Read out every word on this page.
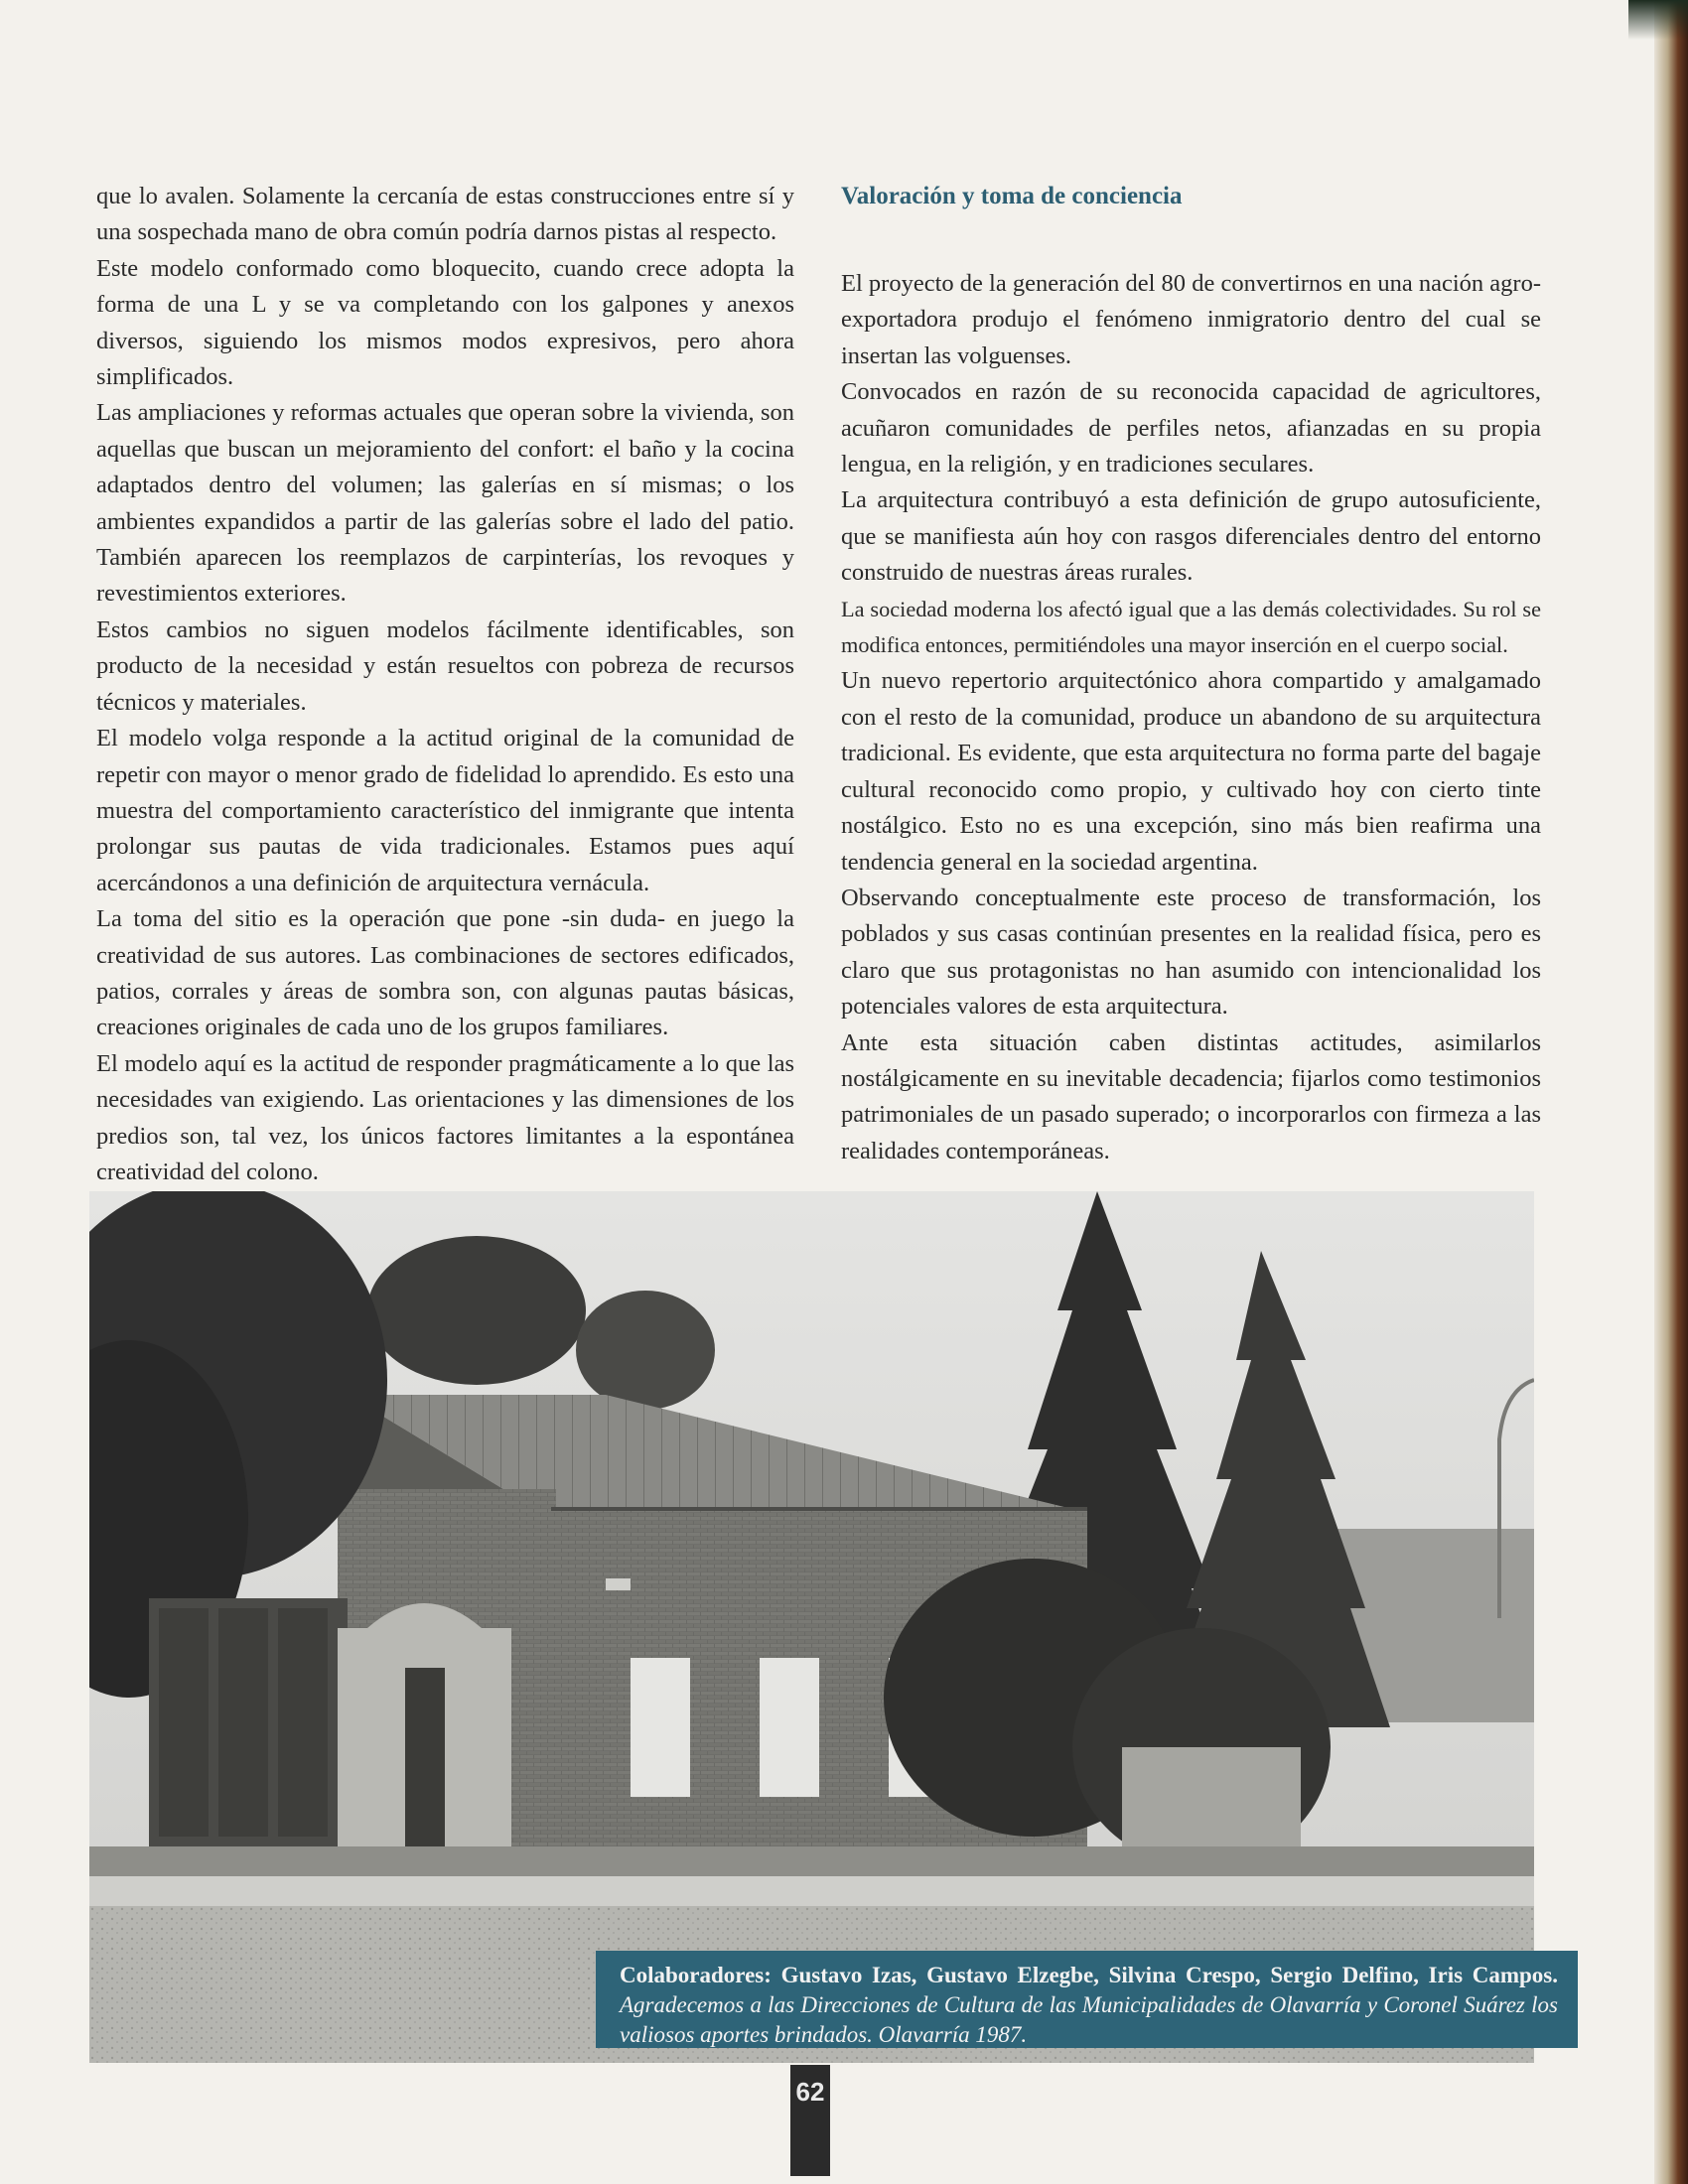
que lo avalen. Solamente la cercanía de estas construcciones entre sí y una sospechada mano de obra común podría darnos pistas al respecto.

Este modelo conformado como bloquecito, cuando crece adopta la forma de una L y se va completando con los galpones y anexos diversos, siguiendo los mismos modos expresivos, pero ahora simplificados.

Las ampliaciones y reformas actuales que operan sobre la vivienda, son aquellas que buscan un mejoramiento del confort: el baño y la cocina adaptados dentro del volumen; las galerías en sí mismas; o los ambientes expandidos a partir de las galerías sobre el lado del patio. También aparecen los reemplazos de carpinterías, los revoques y revestimientos exteriores.

Estos cambios no siguen modelos fácilmente identificables, son producto de la necesidad y están resueltos con pobreza de recursos técnicos y materiales.

El modelo volga responde a la actitud original de la comunidad de repetir con mayor o menor grado de fidelidad lo aprendido. Es esto una muestra del comportamiento característico del inmigrante que intenta prolongar sus pautas de vida tradicionales. Estamos pues aquí acercándonos a una definición de arquitectura vernácula.

La toma del sitio es la operación que pone -sin duda- en juego la creatividad de sus autores. Las combinaciones de sectores edificados, patios, corrales y áreas de sombra son, con algunas pautas básicas, creaciones originales de cada uno de los grupos familiares.

El modelo aquí es la actitud de responder pragmáticamente a lo que las necesidades van exigiendo. Las orientaciones y las dimensiones de los predios son, tal vez, los únicos factores limitantes a la espontánea creatividad del colono.

Valoración y toma de conciencia

El proyecto de la generación del 80 de convertirnos en una nación agro-exportadora produjo el fenómeno inmigratorio dentro del cual se insertan las volguenses.

Convocados en razón de su reconocida capacidad de agricultores, acuñaron comunidades de perfiles netos, afianzadas en su propia lengua, en la religión, y en tradiciones seculares.

La arquitectura contribuyó a esta definición de grupo autosuficiente, que se manifiesta aún hoy con rasgos diferenciales dentro del entorno construido de nuestras áreas rurales.

La sociedad moderna los afectó igual que a las demás colectividades. Su rol se modifica entonces, permitiéndoles una mayor inserción en el cuerpo social.

Un nuevo repertorio arquitectónico ahora compartido y amalgamado con el resto de la comunidad, produce un abandono de su arquitectura tradicional. Es evidente, que esta arquitectura no forma parte del bagaje cultural reconocido como propio, y cultivado hoy con cierto tinte nostálgico. Esto no es una excepción, sino más bien reafirma una tendencia general en la sociedad argentina.

Observando conceptualmente este proceso de transformación, los poblados y sus casas continúan presentes en la realidad física, pero es claro que sus protagonistas no han asumido con intencionalidad los potenciales valores de esta arquitectura.

Ante esta situación caben distintas actitudes, asimilarlos nostálgicamente en su inevitable decadencia; fijarlos como testimonios patrimoniales de un pasado superado; o incorporarlos con firmeza a las realidades contemporáneas.

Colaboradores: Gustavo Izas, Gustavo Elzegbe, Silvina Crespo, Sergio Delfino, Iris Campos. Agradecemos a las Direcciones de Cultura de las Municipalidades de Olavarría y Coronel Suárez los valiosos aportes brindados. Olavarría 1987.
62
